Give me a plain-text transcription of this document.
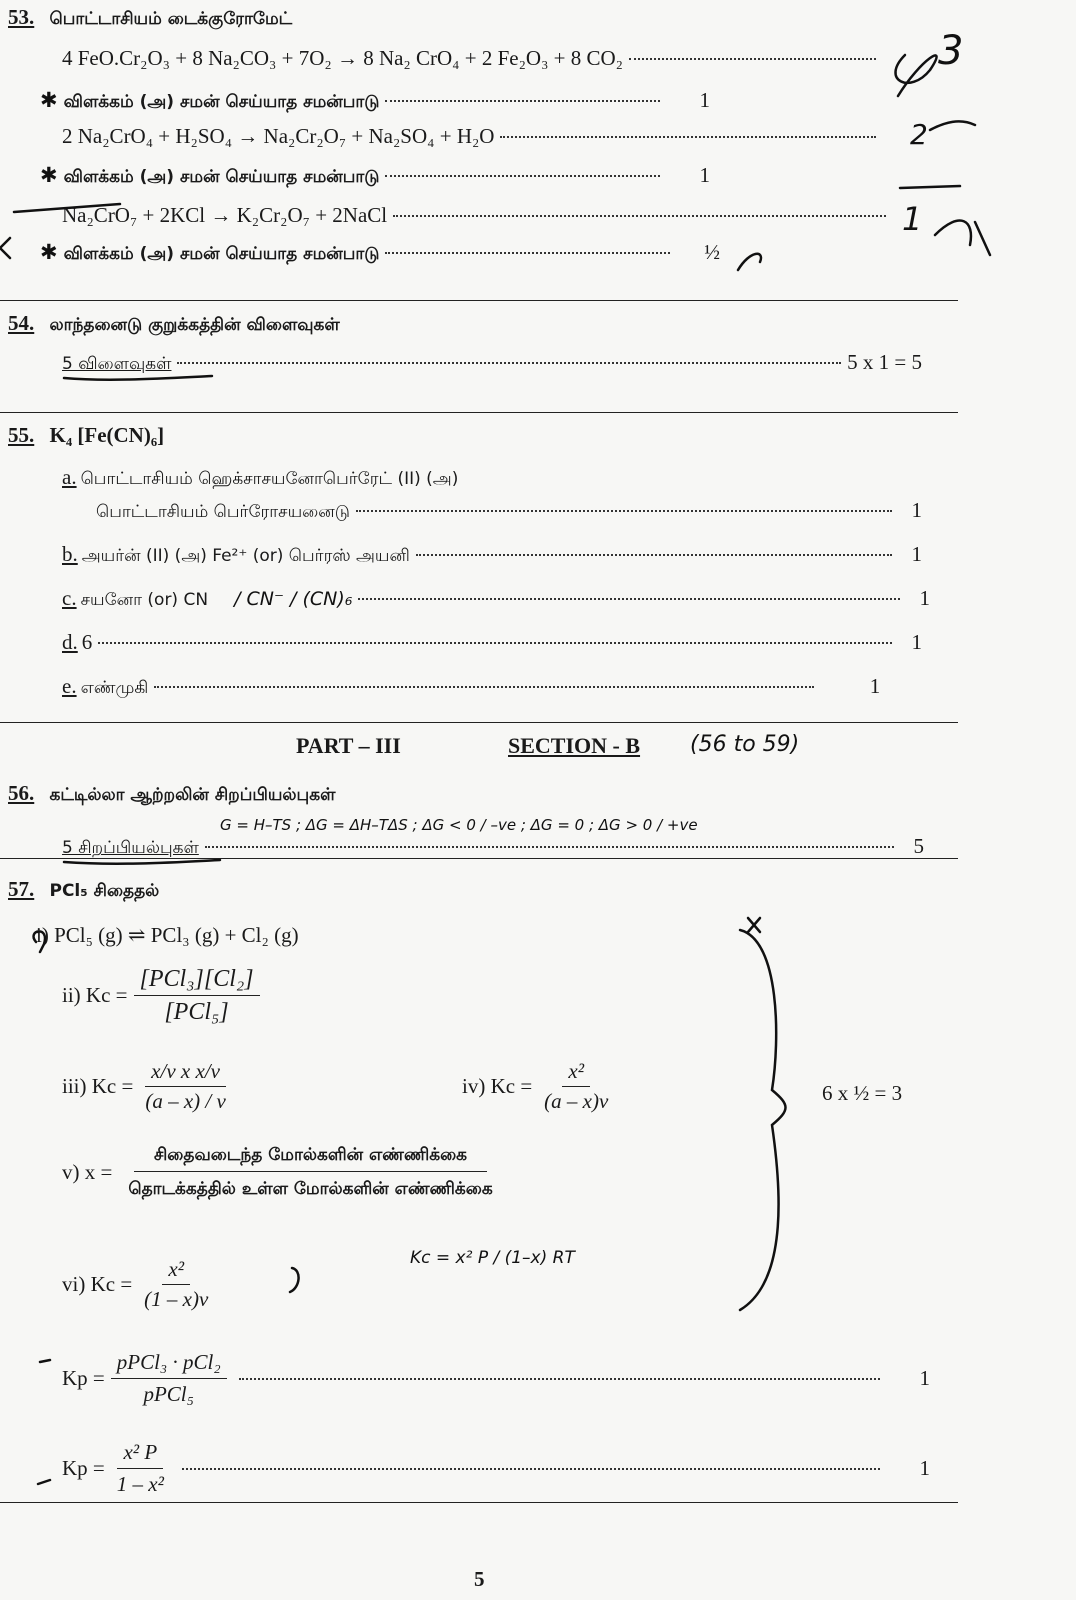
53. பொட்டாசியம் டைக்குரோமேட்
4 FeO.Cr₂O₃ + 8 Na₂CO₃ + 7O₂ → 8 Na₂ CrO₄ + 2 Fe₂O₃ + 8 CO₂
✱ விளக்கம் (அ) சமன் செய்யாத சமன்பாடு	1
2 Na₂CrO₄ + H₂SO₄ → Na₂Cr₂O₇ + Na₂SO₄ + H₂O
✱ விளக்கம் (அ) சமன் செய்யாத சமன்பாடு	1
Na₂CrO₇ + 2KCl → K₂Cr₂O₇ + 2NaCl
✱ விளக்கம் (அ) சமன் செய்யாத சமன்பாடு	½
3
2
1
54. லாந்தனைடு குறுக்கத்தின் விளைவுகள்
5 விளைவுகள்	5 x 1 = 5
55. K₄ [Fe(CN)₆]
a. பொட்டாசியம் ஹெக்சாசயனோபெர்ரேட் (II) (அ)
பொட்டாசியம் பெர்ரோசயனைடு	1
b. அயர்ன் (II) (அ) Fe²⁺ (or) பெர்ரஸ் அயனி	1
c. சயனோ (or) CN / CN⁻ / (CN)₆	1
d. 6	1
e. எண்முகி	1
PART – III	SECTION - B (56 to 59)
56. கட்டில்லா ஆற்றலின் சிறப்பியல்புகள்
G = H–TS ; ΔG = ΔH–TΔS ; ΔG < 0 / –ve ; ΔG = 0 ; ΔG > 0 / +ve
5 சிறப்பியல்புகள்	5
57. PCl₅ சிதைதல்
i) PCl₅ (g) ⇌ PCl₃ (g) + Cl₂ (g)
ii) $Kc = \frac{\text{[PCl₃][Cl₂]}}{\text{[PCl₅]}}$
iii) $Kc = \frac{\text{x/v x x/v}}{(a - x) / v}$	iv) $Kc = \frac{\text{x²}}{(a - x)v}$
v) $x = \frac{\text{சிதைவடைந்த மோல்களின் எண்ணிக்கை}}{\text{தொடக்கத்தில் உள்ள மோல்களின் எண்ணிக்கை}}$
vi) $Kc = \frac{\text{x²}}{(1 - x)v}$	Kc = x² P / (1–x) RT
6 x ½ = 3
$Kp = \frac{\text{pPCl₃ · pCl₂}}{\text{pPCl₅}}$	1
$Kp = \frac{\text{x² P}}{\text{1 – x²}}$	1
5
